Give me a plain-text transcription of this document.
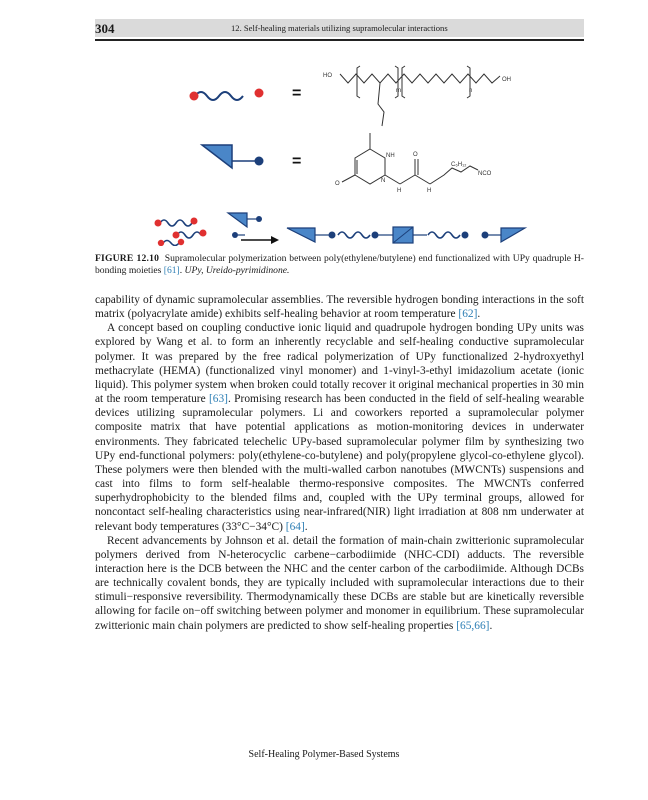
304	12. Self-healing materials utilizing supramolecular interactions
=
HO
OH
m	n
=	NH
N
O
O
H	H
C₆H₁₂
NCO
FIGURE 12.10 Supramolecular polymerization between poly(ethylene/butylene) end functionalized with UPy quadruple H-bonding moieties [61]. UPy, Ureido-pyrimidinone.

capability of dynamic supramolecular assemblies. The reversible hydrogen bonding interactions in the soft matrix (polyacrylate amide) exhibits self-healing behavior at room temperature [62].

A concept based on coupling conductive ionic liquid and quadrupole hydrogen bonding UPy units was explored by Wang et al. to form an inherently recyclable and self-healing conductive supramolecular polymer. It was prepared by the free radical polymerization of UPy functionalized 2-hydroxyethyl methacrylate (HEMA) (functionalized vinyl monomer) and 1-vinyl-3-ethyl imidazolium acetate (ionic liquid). This polymer system when broken could totally recover it original mechanical properties in 30 min at the room temperature [63]. Promising research has been conducted in the field of self-healing wearable devices utilizing supramolecular polymers. Li and coworkers reported a supramolecular polymer composite matrix that have potential applications as motion-monitoring devices in underwater environments. They fabricated telechelic UPy-based supramolecular polymer film by synthesizing two UPy end-functional polymers: poly(ethylene-co-butylene) and poly(propylene glycol-co-ethylene glycol). These polymers were then blended with the multi-walled carbon nanotubes (MWCNTs) suspensions and cast into films to form self-healable thermo-responsive composites. The MWCNTs conferred superhydrophobicity to the blended films and, coupled with the UPy terminal groups, allowed for noncontact self-healing characteristics using near-infrared(NIR) light irradiation at 808 nm underwater at relevant body temperatures (33°C−34°C) [64].

Recent advancements by Johnson et al. detail the formation of main-chain zwitterionic supramolecular polymers derived from N-heterocyclic carbene−carbodiimide (NHC-CDI) adducts. The reversible interaction here is the DCB between the NHC and the center carbon of the carbodiimide. Although DCBs are technically covalent bonds, they are typically included with supramolecular interactions due to their stimuli−responsive reversibility. Thermodynamically these DCBs are stable but are kinetically reversible allowing for facile on−off switching between polymer and monomer in equilibrium. These supramolecular zwitterionic main chain polymers are predicted to show self-healing properties [65,66].

Self-Healing Polymer-Based Systems
